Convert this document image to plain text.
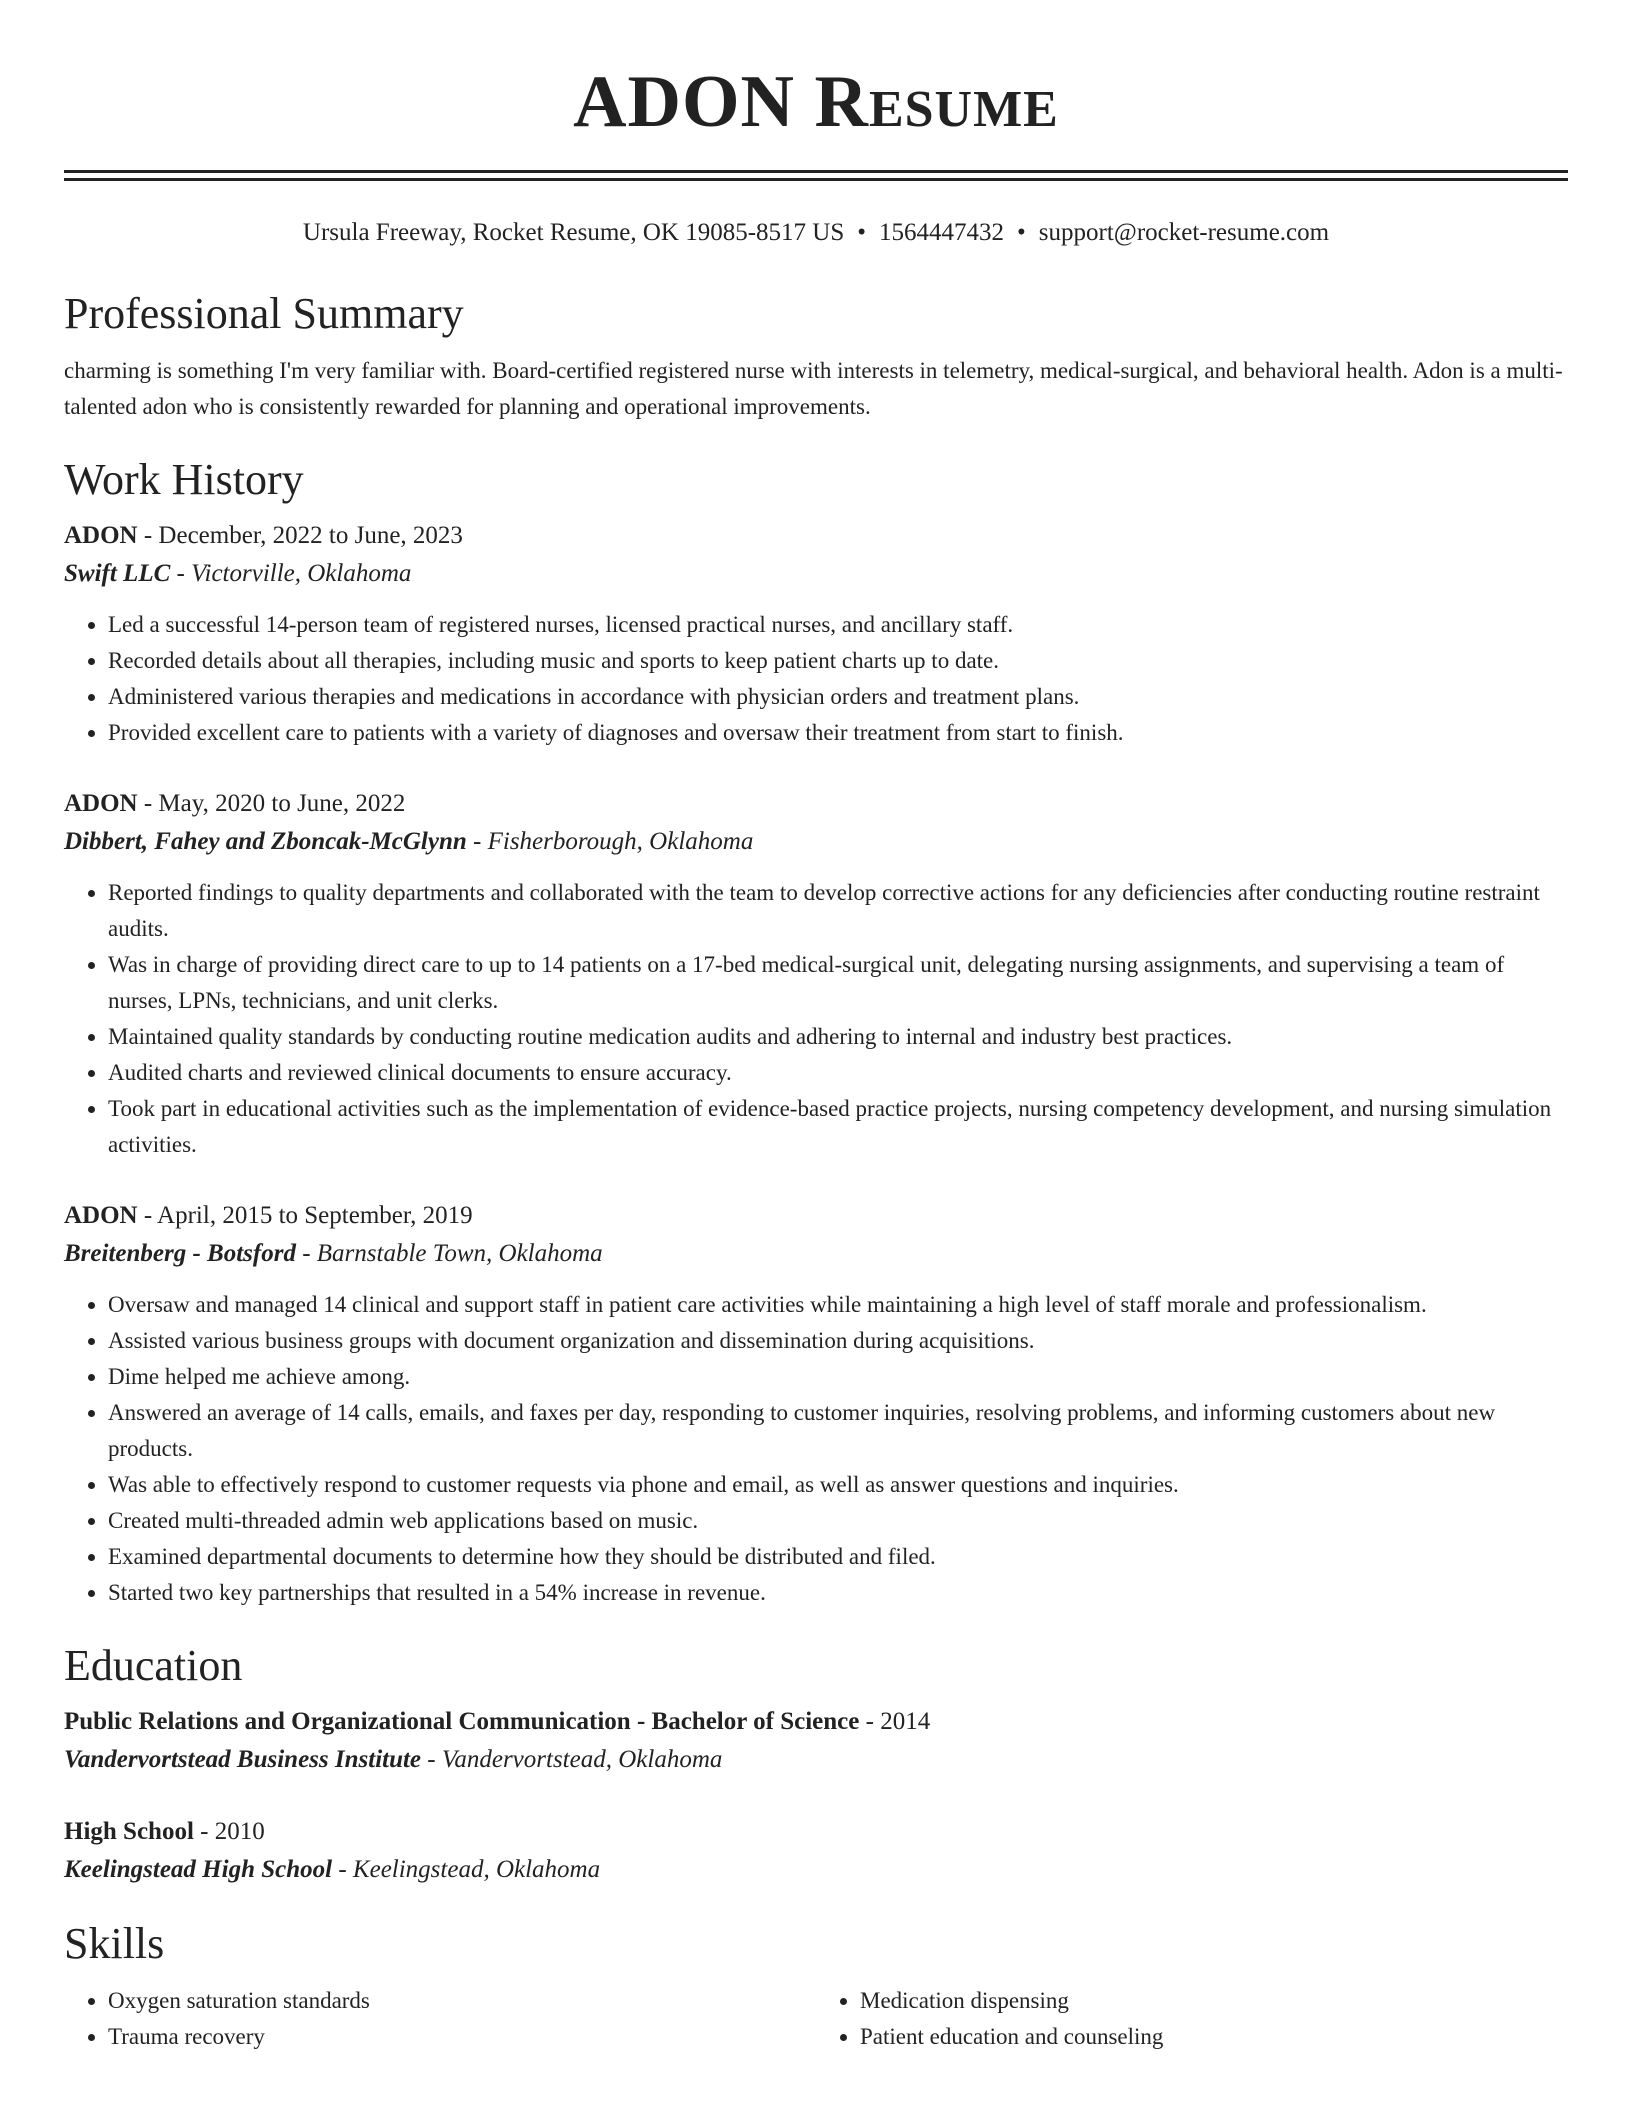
ADON Resume
Ursula Freeway, Rocket Resume, OK 19085-8517 US • 1564447432 • support@rocket-resume.com
Professional Summary

charming is something I'm very familiar with. Board-certified registered nurse with interests in telemetry, medical-surgical, and behavioral health. Adon is a multi-talented adon who is consistently rewarded for planning and operational improvements.

Work History
ADON - December, 2022 to June, 2023
Swift LLC - Victorville, Oklahoma
• Led a successful 14-person team of registered nurses, licensed practical nurses, and ancillary staff.
• Recorded details about all therapies, including music and sports to keep patient charts up to date.
• Administered various therapies and medications in accordance with physician orders and treatment plans.
• Provided excellent care to patients with a variety of diagnoses and oversaw their treatment from start to finish.
ADON - May, 2020 to June, 2022
Dibbert, Fahey and Zboncak-McGlynn - Fisherborough, Oklahoma
• Reported findings to quality departments and collaborated with the team to develop corrective actions for any deficiencies after conducting routine restraint audits.
• Was in charge of providing direct care to up to 14 patients on a 17-bed medical-surgical unit, delegating nursing assignments, and supervising a team of nurses, LPNs, technicians, and unit clerks.
• Maintained quality standards by conducting routine medication audits and adhering to internal and industry best practices.
• Audited charts and reviewed clinical documents to ensure accuracy.
• Took part in educational activities such as the implementation of evidence-based practice projects, nursing competency development, and nursing simulation activities.
ADON - April, 2015 to September, 2019
Breitenberg - Botsford - Barnstable Town, Oklahoma
• Oversaw and managed 14 clinical and support staff in patient care activities while maintaining a high level of staff morale and professionalism.
• Assisted various business groups with document organization and dissemination during acquisitions.
• Dime helped me achieve among.
• Answered an average of 14 calls, emails, and faxes per day, responding to customer inquiries, resolving problems, and informing customers about new products.
• Was able to effectively respond to customer requests via phone and email, as well as answer questions and inquiries.
• Created multi-threaded admin web applications based on music.
• Examined departmental documents to determine how they should be distributed and filed.
• Started two key partnerships that resulted in a 54% increase in revenue.
Education
Public Relations and Organizational Communication - Bachelor of Science - 2014
Vandervortstead Business Institute - Vandervortstead, Oklahoma
High School - 2010
Keelingstead High School - Keelingstead, Oklahoma
Skills
• Oxygen saturation standards
• Trauma recovery
• Medication dispensing
• Patient education and counseling
